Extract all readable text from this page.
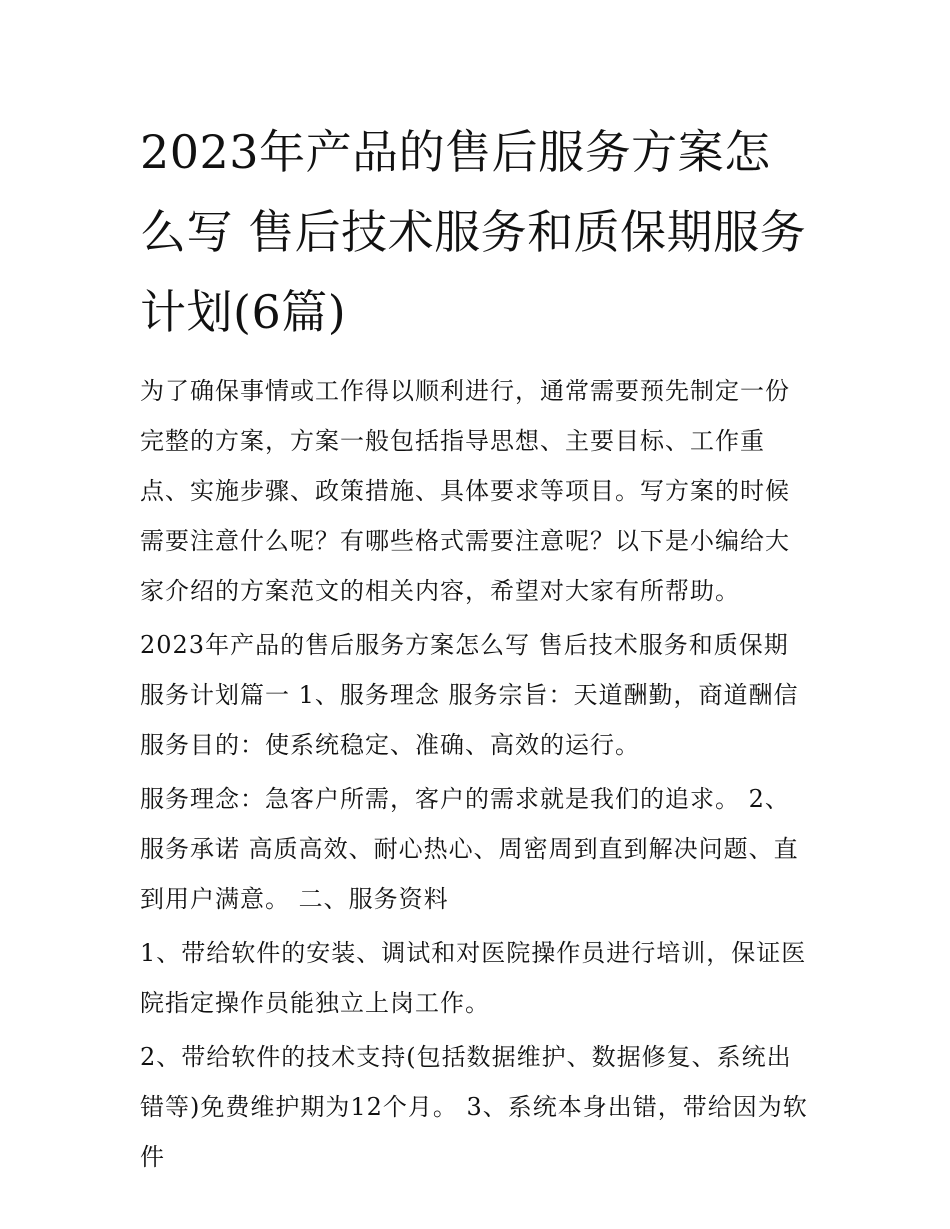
2023年产品的售后服务方案怎么写 售后技术服务和质保期服务计划(6篇)

为了确保事情或工作得以顺利进行，通常需要预先制定一份完整的方案，方案一般包括指导思想、主要目标、工作重点、实施步骤、政策措施、具体要求等项目。写方案的时候需要注意什么呢？有哪些格式需要注意呢？以下是小编给大家介绍的方案范文的相关内容，希望对大家有所帮助。

2023年产品的售后服务方案怎么写 售后技术服务和质保期服务计划篇一 1、服务理念 服务宗旨：天道酬勤，商道酬信 服务目的：使系统稳定、准确、高效的运行。

服务理念：急客户所需，客户的需求就是我们的追求。 2、服务承诺 高质高效、耐心热心、周密周到直到解决问题、直到用户满意。 二、服务资料

1、带给软件的安装、调试和对医院操作员进行培训，保证医院指定操作员能独立上岗工作。

2、带给软件的技术支持(包括数据维护、数据修复、系统出错等)免费维护期为12个月。 3、系统本身出错，带给因为软件
